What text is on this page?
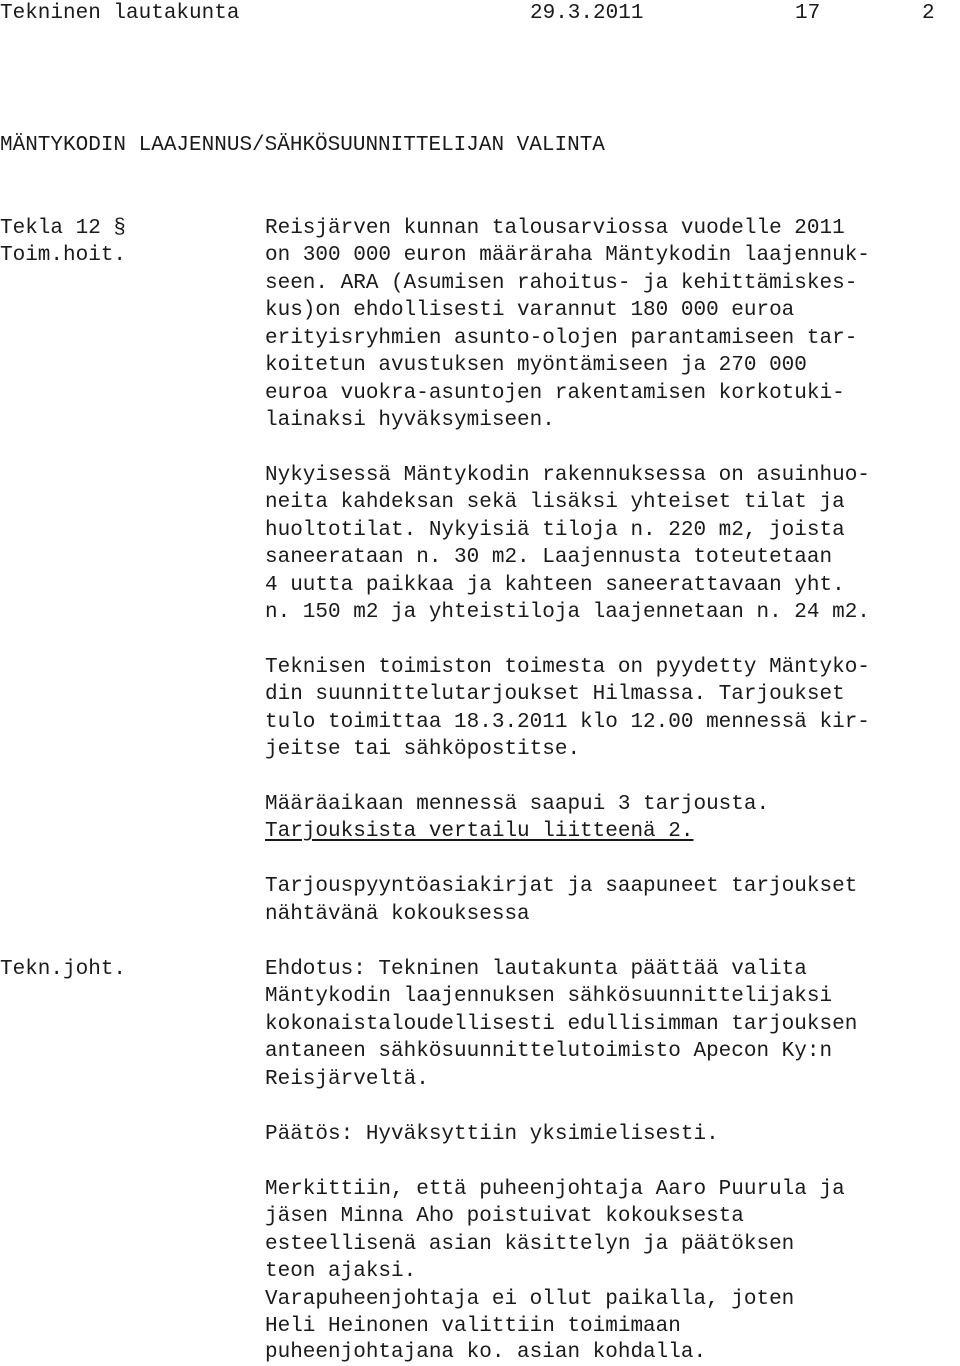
Tekninen lautakunta	29.3.2011	17	2
MÄNTYKODIN LAAJENNUS/SÄHKÖSUUNNITTELIJAN VALINTA
Tekla 12 §
Toim.hoit.
Tekn.joht.
Reisjärven kunnan talousarviossa vuodelle 2011
on 300 000 euron määräraha Mäntykodin laajennuk-
seen. ARA (Asumisen rahoitus- ja kehittämiskes-
kus)on ehdollisesti varannut 180 000 euroa
erityisryhmien asunto-olojen parantamiseen tar-
koitetun avustuksen myöntämiseen ja 270 000
euroa vuokra-asuntojen rakentamisen korkotuki-
lainaksi hyväksymiseen.
Nykyisessä Mäntykodin rakennuksessa on asuinhuo-
neita kahdeksan sekä lisäksi yhteiset tilat ja
huoltotilat. Nykyisiä tiloja n. 220 m2, joista
saneerataan n. 30 m2. Laajennusta toteutetaan
4 uutta paikkaa ja kahteen saneerattavaan yht.
n. 150 m2 ja yhteistiloja laajennetaan n. 24 m2.
Teknisen toimiston toimesta on pyydetty Mäntyko-
din suunnittelutarjoukset Hilmassa. Tarjoukset
tulo toimittaa 18.3.2011 klo 12.00 mennessä kir-
jeitse tai sähköpostitse.
Määräaikaan mennessä saapui 3 tarjousta.
Tarjouksista vertailu liitteenä 2.
Tarjouspyyntöasiakirjat ja saapuneet tarjoukset
nähtävänä kokouksessa
Ehdotus: Tekninen lautakunta päättää valita
Mäntykodin laajennuksen sähkösuunnittelijaksi
kokonaistaloudellisesti edullisimman tarjouksen
antaneen sähkösuunnittelutoimisto Apecon Ky:n
Reisjärveltä.
Päätös: Hyväksyttiin yksimielisesti.
Merkittiin, että puheenjohtaja Aaro Puurula ja
jäsen Minna Aho poistuivat kokouksesta
esteellisenä asian käsittelyn ja päätöksen
teon ajaksi.
Varapuheenjohtaja ei ollut paikalla, joten
Heli Heinonen valittiin toimimaan
puheenjohtajana ko. asian kohdalla.
